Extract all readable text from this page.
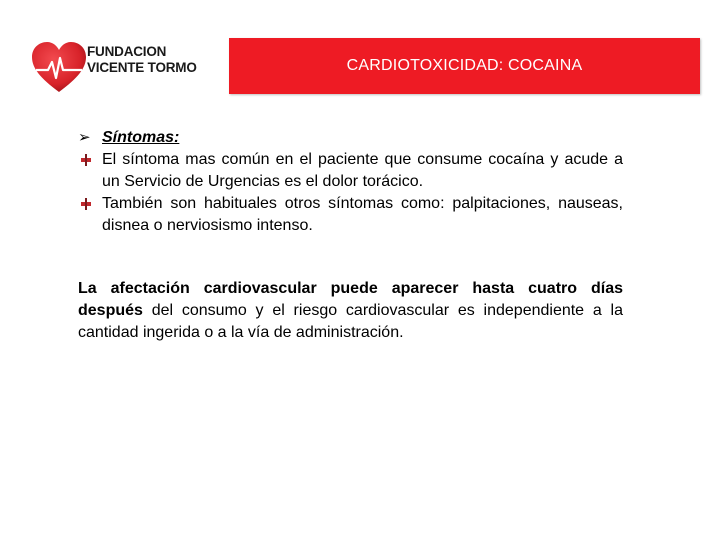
FUNDACION
VICENTE TORMO	CARDIOTOXICIDAD: COCAINA
➢ Síntomas:
El síntoma mas común en el paciente que consume cocaína y acude a un Servicio de Urgencias es el dolor torácico.
También son habituales otros síntomas como: palpitaciones, nauseas, disnea o nerviosismo intenso.
La afectación cardiovascular puede aparecer hasta cuatro días después del consumo y el riesgo cardiovascular es independiente a la cantidad ingerida o a la vía de administración.
